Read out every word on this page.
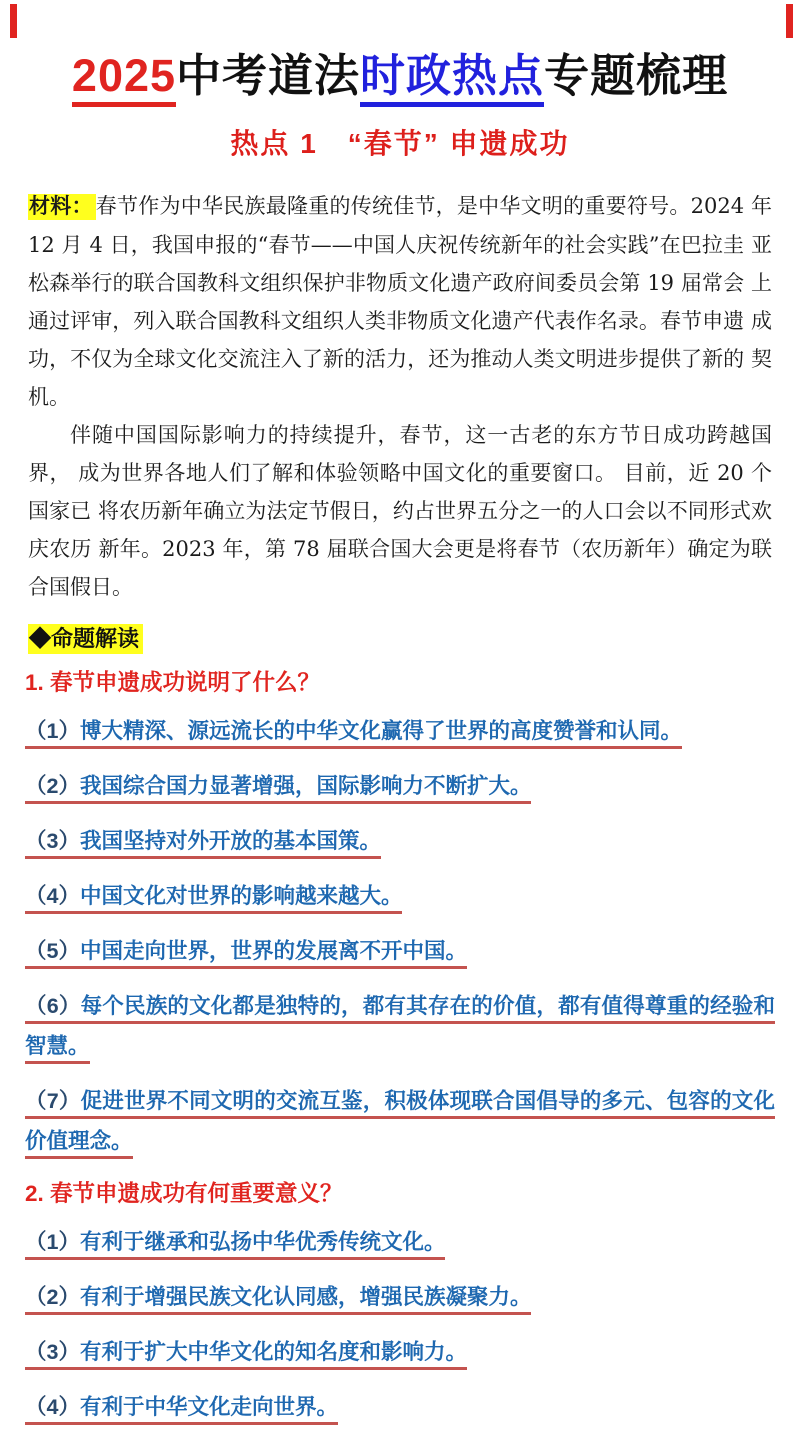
2025中考道法时政热点专题梳理
热点 1　“春节” 申遗成功

材料： 春节作为中华民族最隆重的传统佳节，是中华文明的重要符号。2024 年 12 月 4 日，我国申报的“春节——中国人庆祝传统新年的社会实践”在巴拉圭 亚松森举行的联合国教科文组织保护非物质文化遗产政府间委员会第 19 届常会 上通过评审，列入联合国教科文组织人类非物质文化遗产代表作名录。春节申遗 成功，不仅为全球文化交流注入了新的活力，还为推动人类文明进步提供了新的 契机。

伴随中国国际影响力的持续提升，春节，这一古老的东方节日成功跨越国界， 成为世界各地人们了解和体验领略中国文化的重要窗口。 目前，近 20 个国家已 将农历新年确立为法定节假日，约占世界五分之一的人口会以不同形式欢庆农历 新年。2023 年，第 78 届联合国大会更是将春节（农历新年）确定为联合国假日。

◆命题解读
1. 春节申遗成功说明了什么？
（1）博大精深、源远流长的中华文化赢得了世界的高度赞誉和认同。
（2）我国综合国力显著增强，国际影响力不断扩大。
（3）我国坚持对外开放的基本国策。
（4）中国文化对世界的影响越来越大。
（5）中国走向世界，世界的发展离不开中国。
（6）每个民族的文化都是独特的，都有其存在的价值，都有值得尊重的经验和 智慧。
（7）促进世界不同文明的交流互鉴，积极体现联合国倡导的多元、包容的文化 价值理念。
2. 春节申遗成功有何重要意义？
（1）有利于继承和弘扬中华优秀传统文化。
（2）有利于增强民族文化认同感，增强民族凝聚力。
（3）有利于扩大中华文化的知名度和影响力。
（4）有利于中华文化走向世界。
